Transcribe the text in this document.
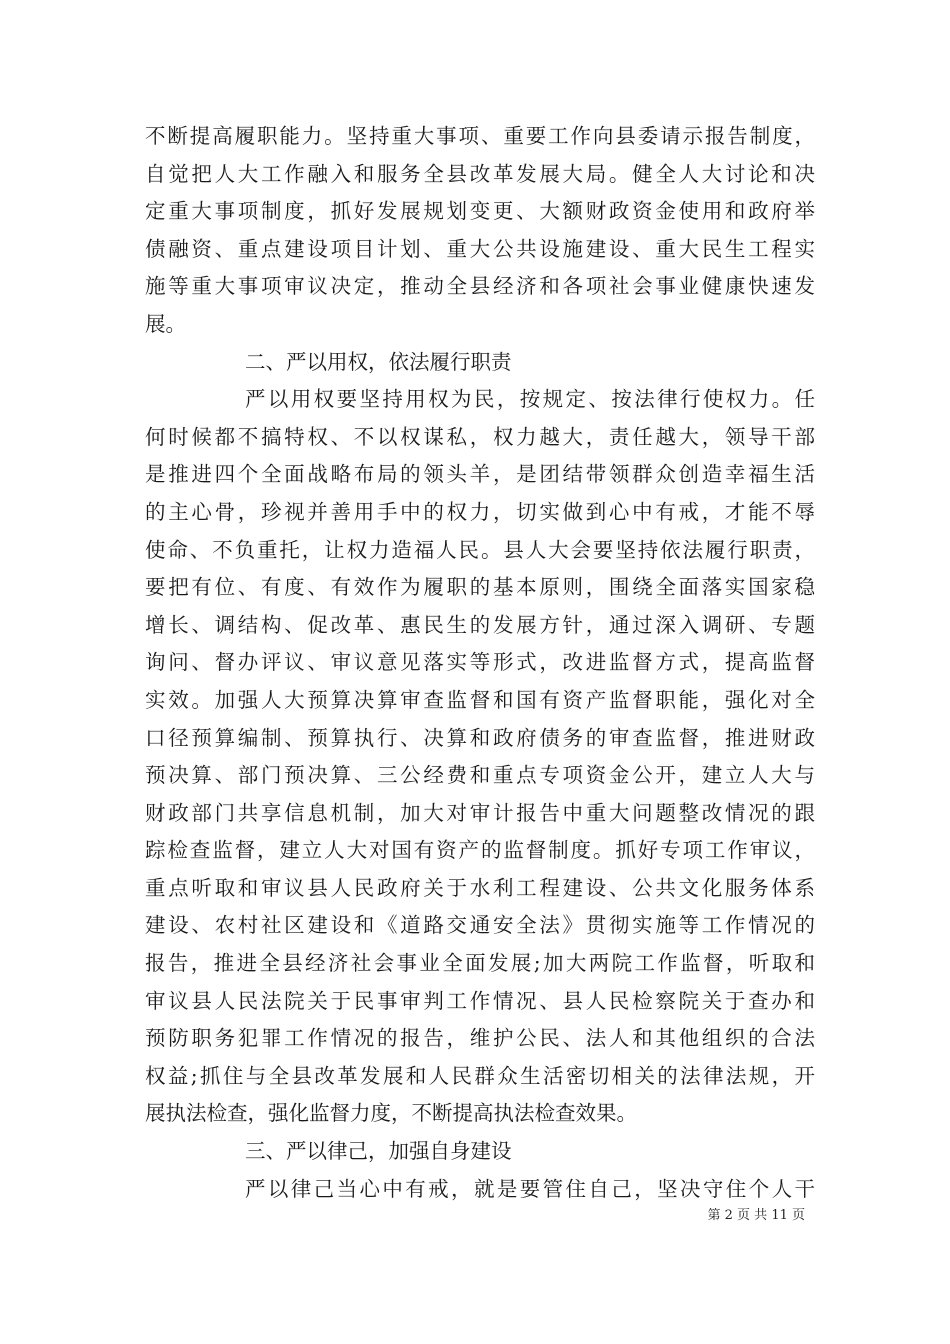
不断提高履职能力。坚持重大事项、重要工作向县委请示报告制度，
自觉把人大工作融入和服务全县改革发展大局。健全人大讨论和决
定重大事项制度，抓好发展规划变更、大额财政资金使用和政府举
债融资、重点建设项目计划、重大公共设施建设、重大民生工程实
施等重大事项审议决定，推动全县经济和各项社会事业健康快速发
展。
二、严以用权，依法履行职责
严以用权要坚持用权为民，按规定、按法律行使权力。任
何时候都不搞特权、不以权谋私，权力越大，责任越大，领导干部
是推进四个全面战略布局的领头羊，是团结带领群众创造幸福生活
的主心骨，珍视并善用手中的权力，切实做到心中有戒，才能不辱
使命、不负重托，让权力造福人民。县人大会要坚持依法履行职责，
要把有位、有度、有效作为履职的基本原则，围绕全面落实国家稳
增长、调结构、促改革、惠民生的发展方针，通过深入调研、专题
询问、督办评议、审议意见落实等形式，改进监督方式，提高监督
实效。加强人大预算决算审查监督和国有资产监督职能，强化对全
口径预算编制、预算执行、决算和政府债务的审查监督，推进财政
预决算、部门预决算、三公经费和重点专项资金公开，建立人大与
财政部门共享信息机制，加大对审计报告中重大问题整改情况的跟
踪检查监督，建立人大对国有资产的监督制度。抓好专项工作审议，
重点听取和审议县人民政府关于水利工程建设、公共文化服务体系
建设、农村社区建设和《道路交通安全法》贯彻实施等工作情况的
报告，推进全县经济社会事业全面发展;加大两院工作监督，听取和
审议县人民法院关于民事审判工作情况、县人民检察院关于查办和
预防职务犯罪工作情况的报告，维护公民、法人和其他组织的合法
权益;抓住与全县改革发展和人民群众生活密切相关的法律法规，开
展执法检查，强化监督力度，不断提高执法检查效果。
三、严以律己，加强自身建设
严以律己当心中有戒，就是要管住自己，坚决守住个人干
第 2 页 共 11 页
